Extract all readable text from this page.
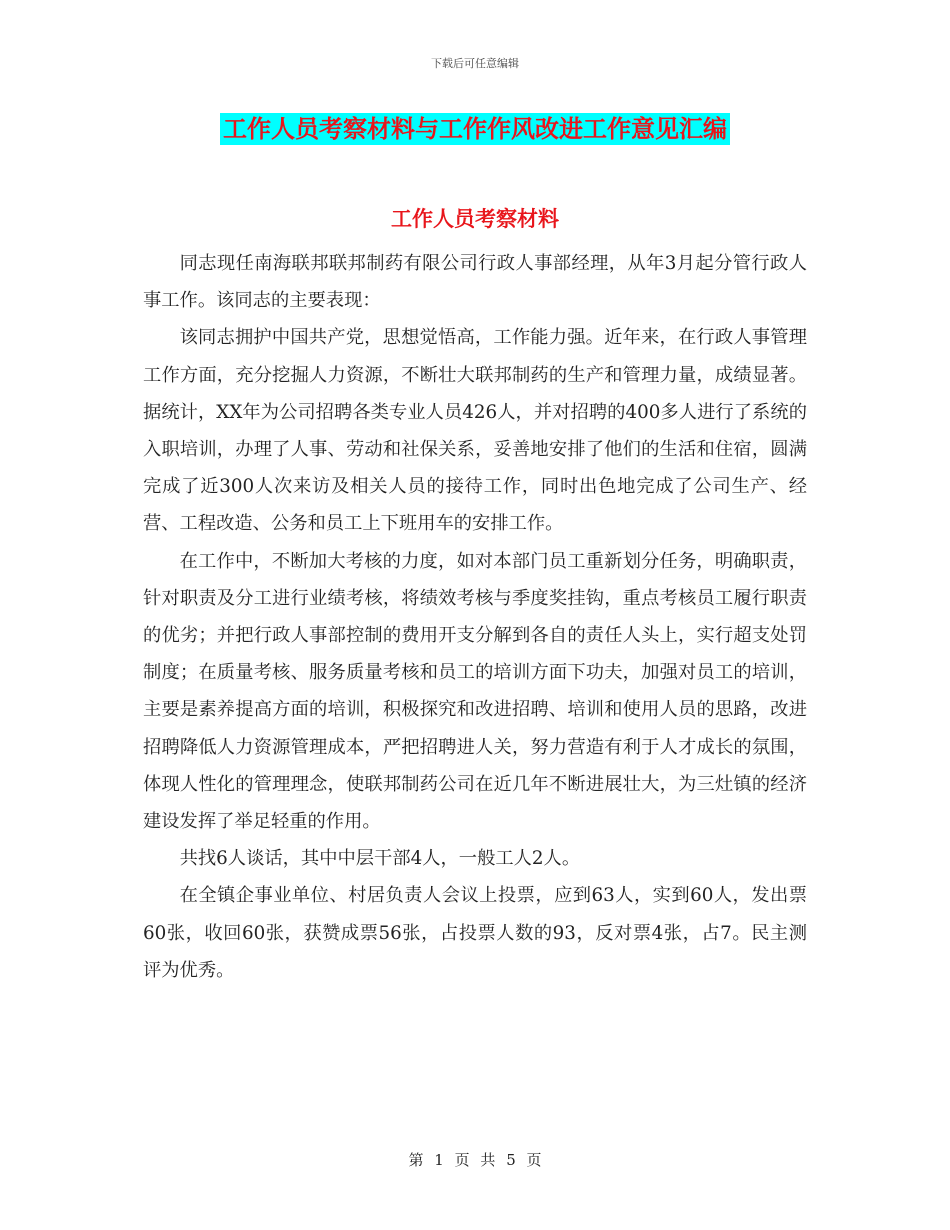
下载后可任意编辑
工作人员考察材料与工作作风改进工作意见汇编
工作人员考察材料

同志现任南海联邦联邦制药有限公司行政人事部经理，从年3月起分管行政人事工作。该同志的主要表现：

该同志拥护中国共产党，思想觉悟高，工作能力强。近年来，在行政人事管理工作方面，充分挖掘人力资源，不断壮大联邦制药的生产和管理力量，成绩显著。据统计，XX年为公司招聘各类专业人员426人，并对招聘的400多人进行了系统的入职培训，办理了人事、劳动和社保关系，妥善地安排了他们的生活和住宿，圆满完成了近300人次来访及相关人员的接待工作，同时出色地完成了公司生产、经营、工程改造、公务和员工上下班用车的安排工作。

在工作中，不断加大考核的力度，如对本部门员工重新划分任务，明确职责，针对职责及分工进行业绩考核，将绩效考核与季度奖挂钩，重点考核员工履行职责的优劣；并把行政人事部控制的费用开支分解到各自的责任人头上，实行超支处罚制度；在质量考核、服务质量考核和员工的培训方面下功夫，加强对员工的培训，主要是素养提高方面的培训，积极探究和改进招聘、培训和使用人员的思路，改进招聘降低人力资源管理成本，严把招聘进人关，努力营造有利于人才成长的氛围，体现人性化的管理理念，使联邦制药公司在近几年不断进展壮大，为三灶镇的经济建设发挥了举足轻重的作用。

共找6人谈话，其中中层干部4人，一般工人2人。

在全镇企事业单位、村居负责人会议上投票，应到63人，实到60人，发出票60张，收回60张，获赞成票56张，占投票人数的93，反对票4张，占7。民主测评为优秀。

第 1 页 共 5 页
